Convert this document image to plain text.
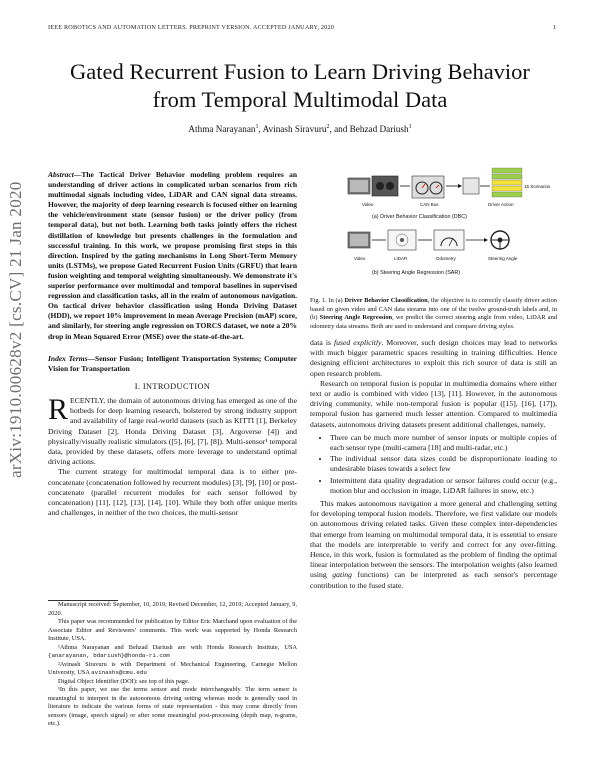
IEEE ROBOTICS AND AUTOMATION LETTERS. PREPRINT VERSION. ACCEPTED JANUARY, 2020	1
arXiv:1910.00628v2 [cs.CV] 21 Jan 2020
Gated Recurrent Fusion to Learn Driving Behavior
from Temporal Multimodal Data
Athma Narayanan$^1$, Avinash Siravuru$^2$, and Behzad Dariush$^1$

Abstract—The Tactical Driver Behavior modeling problem requires an understanding of driver actions in complicated urban scenarios from rich multimodal signals including video, LiDAR and CAN signal data streams. However, the majority of deep learning research is focused either on learning the vehicle/environment state (sensor fusion) or the driver policy (from temporal data), but not both. Learning both tasks jointly offers the richest distillation of knowledge but presents challenges in the formulation and successful training. In this work, we propose promising first steps in this direction. Inspired by the gating mechanisms in Long Short-Term Memory units (LSTMs), we propose Gated Recurrent Fusion Units (GRFU) that learn fusion weighting and temporal weighting simultaneously. We demonstrate it's superior performance over multimodal and temporal baselines in supervised regression and classification tasks, all in the realm of autonomous navigation. On tactical driver behavior classification using Honda Driving Dataset (HDD), we report 10% improvement in mean Average Precision (mAP) score, and similarly, for steering angle regression on TORCS dataset, we note a 20% drop in Mean Squared Error (MSE) over the state-of-the-art.

Index Terms—Sensor Fusion; Intelligent Transportation Systems; Computer Vision for Transportation

I. INTRODUCTION

RECENTLY, the domain of autonomous driving has emerged as one of the hotbeds for deep learning research, bolstered by strong industry support and availability of large real-world datasets (such as KITTI [1], Berkeley Driving Dataset [2], Honda Driving Dataset [3], Argoverse [4]) and physically/visually realistic simulators ([5], [6], [7], [8]). Multi-sensor¹ temporal data, provided by these datasets, offers more leverage to understand optimal driving actions.

The current strategy for multimodal temporal data is to either pre-concatenate (concatenation followed by recurrent modules) [3], [9], [10] or post-concatenate (parallel recurrent modules for each sensor followed by concatenation) [11], [12], [13], [14], [10]. While they both offer unique merits and challenges, in neither of the two choices, the multi-sensor

Manuscript received: September, 10, 2019; Revised December, 12, 2019; Accepted January, 9, 2020.

This paper was recommended for publication by Editor Eric Marchand upon evaluation of the Associate Editor and Reviewers' comments. This work was supported by Honda Research Institute, USA.

¹Athma Narayanan and Behzad Dariush are with Honda Research Institute, USA {anarayanan, bdariush}@honda-ri.com

²Avinash Siravuru is with Department of Mechanical Engineering, Carnegie Mellon University, USA avinashs@cmu.edu

Digital Object Identifier (DOI): see top of this page.

¹In this paper, we use the terms sensor and mode interchangeably. The term sensor is meaningful to interpret in the autonomous driving setting whereas mode is generally used in literature to indicate the various forms of state representation - this may come directly from sensors (image, speech signal) or after some meaningful post-processing (depth map, n-grams, etc.).

Video	CAN Bus
16 Scenarios
Driver Action
(a) Driver Behavior Classification (DBC)
Video	LIDAR	Odometry	Steering Angle
(b) Steering Angle Regression (SAR)

Fig. 1. In (a) Driver Behavior Classification, the objective is to correctly classify driver action based on given video and CAN data streams into one of the twelve ground-truth labels and, in (b) Steering Angle Regression, we predict the correct steering angle from video, LiDAR and odometry data streams. Both are used to understand and compare driving styles.

data is fused explicitly. Moreover, such design choices may lead to networks with much bigger parametric spaces resulting in training difficulties. Hence designing efficient architectures to exploit this rich source of data is still an open research problem.

Research on temporal fusion is popular in multimedia domains where either text or audio is combined with video [13], [11]. However, in the autonomous driving community, while non-temporal fusion is popular ([15], [16], [17]), temporal fusion has garnered much lesser attention. Compared to multimedia datasets, autonomous driving datasets present additional challenges, namely,

• There can be much more number of sensor inputs or multiple copies of each sensor type (multi-camera [18] and multi-radar, etc.)
• The individual sensor data sizes could be disproportionate leading to undesirable biases towards a select few
• Intermittent data quality degradation or sensor failures could occur (e.g., motion blur and occlusion in image, LiDAR failures in snow, etc.)

This makes autonomous navigation a more general and challenging setting for developing temporal fusion models. Therefore, we first validate our models on autonomous driving related tasks. Given these complex inter-dependencies that emerge from learning on multimodal temporal data, it is essential to ensure that the models are interpretable to verify and correct for any over-fitting. Hence, in this work, fusion is formulated as the problem of finding the optimal linear interpolation between the sensors. The interpolation weights (also learned using gating functions) can be interpreted as each sensor's percentage contribution to the fused state.
